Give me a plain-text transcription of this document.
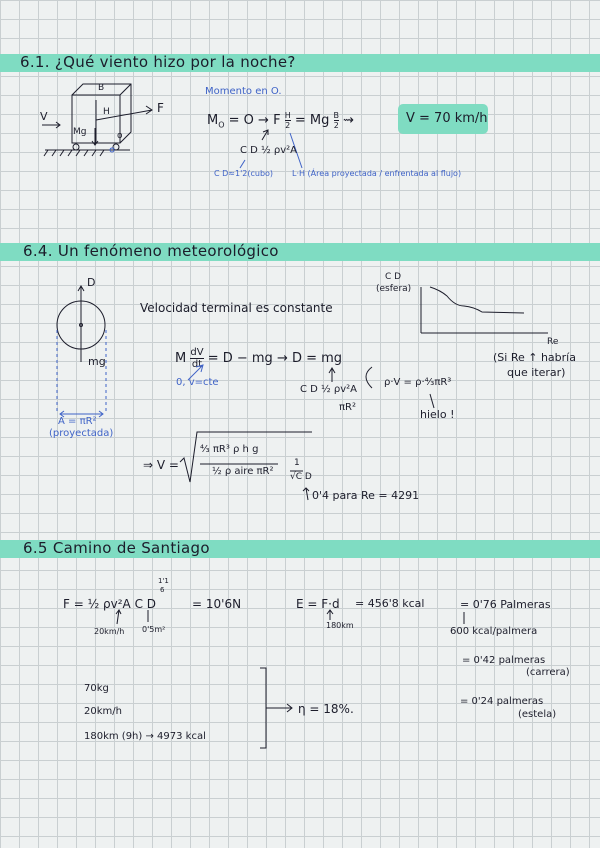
6.1. ¿Qué viento hizo por la noche?
V	H
B
Mg
F
o
Momento en O.
$M_O = O \to F \frac{H}{2} = Mg \frac{B}{2}$ ⇝	V = 70 km/h
C D ½ ρv²A
C D≈1'2(cubo) L·H (Área proyectada / enfrentada al flujo)
6.4. Un fenómeno meteorológico
D
mg
A = πR²
(proyectada)
Velocidad terminal es constante
C D
(esfera)
Re
(Si Re ↑ habría
que iterar)
M $\frac{dV}{dt} = D$ − mg → D = mg
0, v=cte
C D ½ ρv²A
πR²
ρ·V = ρ·⁴⁄₃πR³
hielo !
⇒ V =
⁴⁄₃ πR³ ρ h g
½ ρ aire πR²
1
√C D
0'4 para Re = 4291
6.5 Camino de Santiago
F = ½ ρv²A C D
1'1
6
= 10'6N
20km/h 0'5m²
E = F·d
180km
= 456'8 kcal	= 0'76 Palmeras
600 kcal/palmera
= 0'42 palmeras
(carrera)
= 0'24 palmeras
(estela)
70kg
20km/h
180km (9h) → 4973 kcal
η = 18%.
